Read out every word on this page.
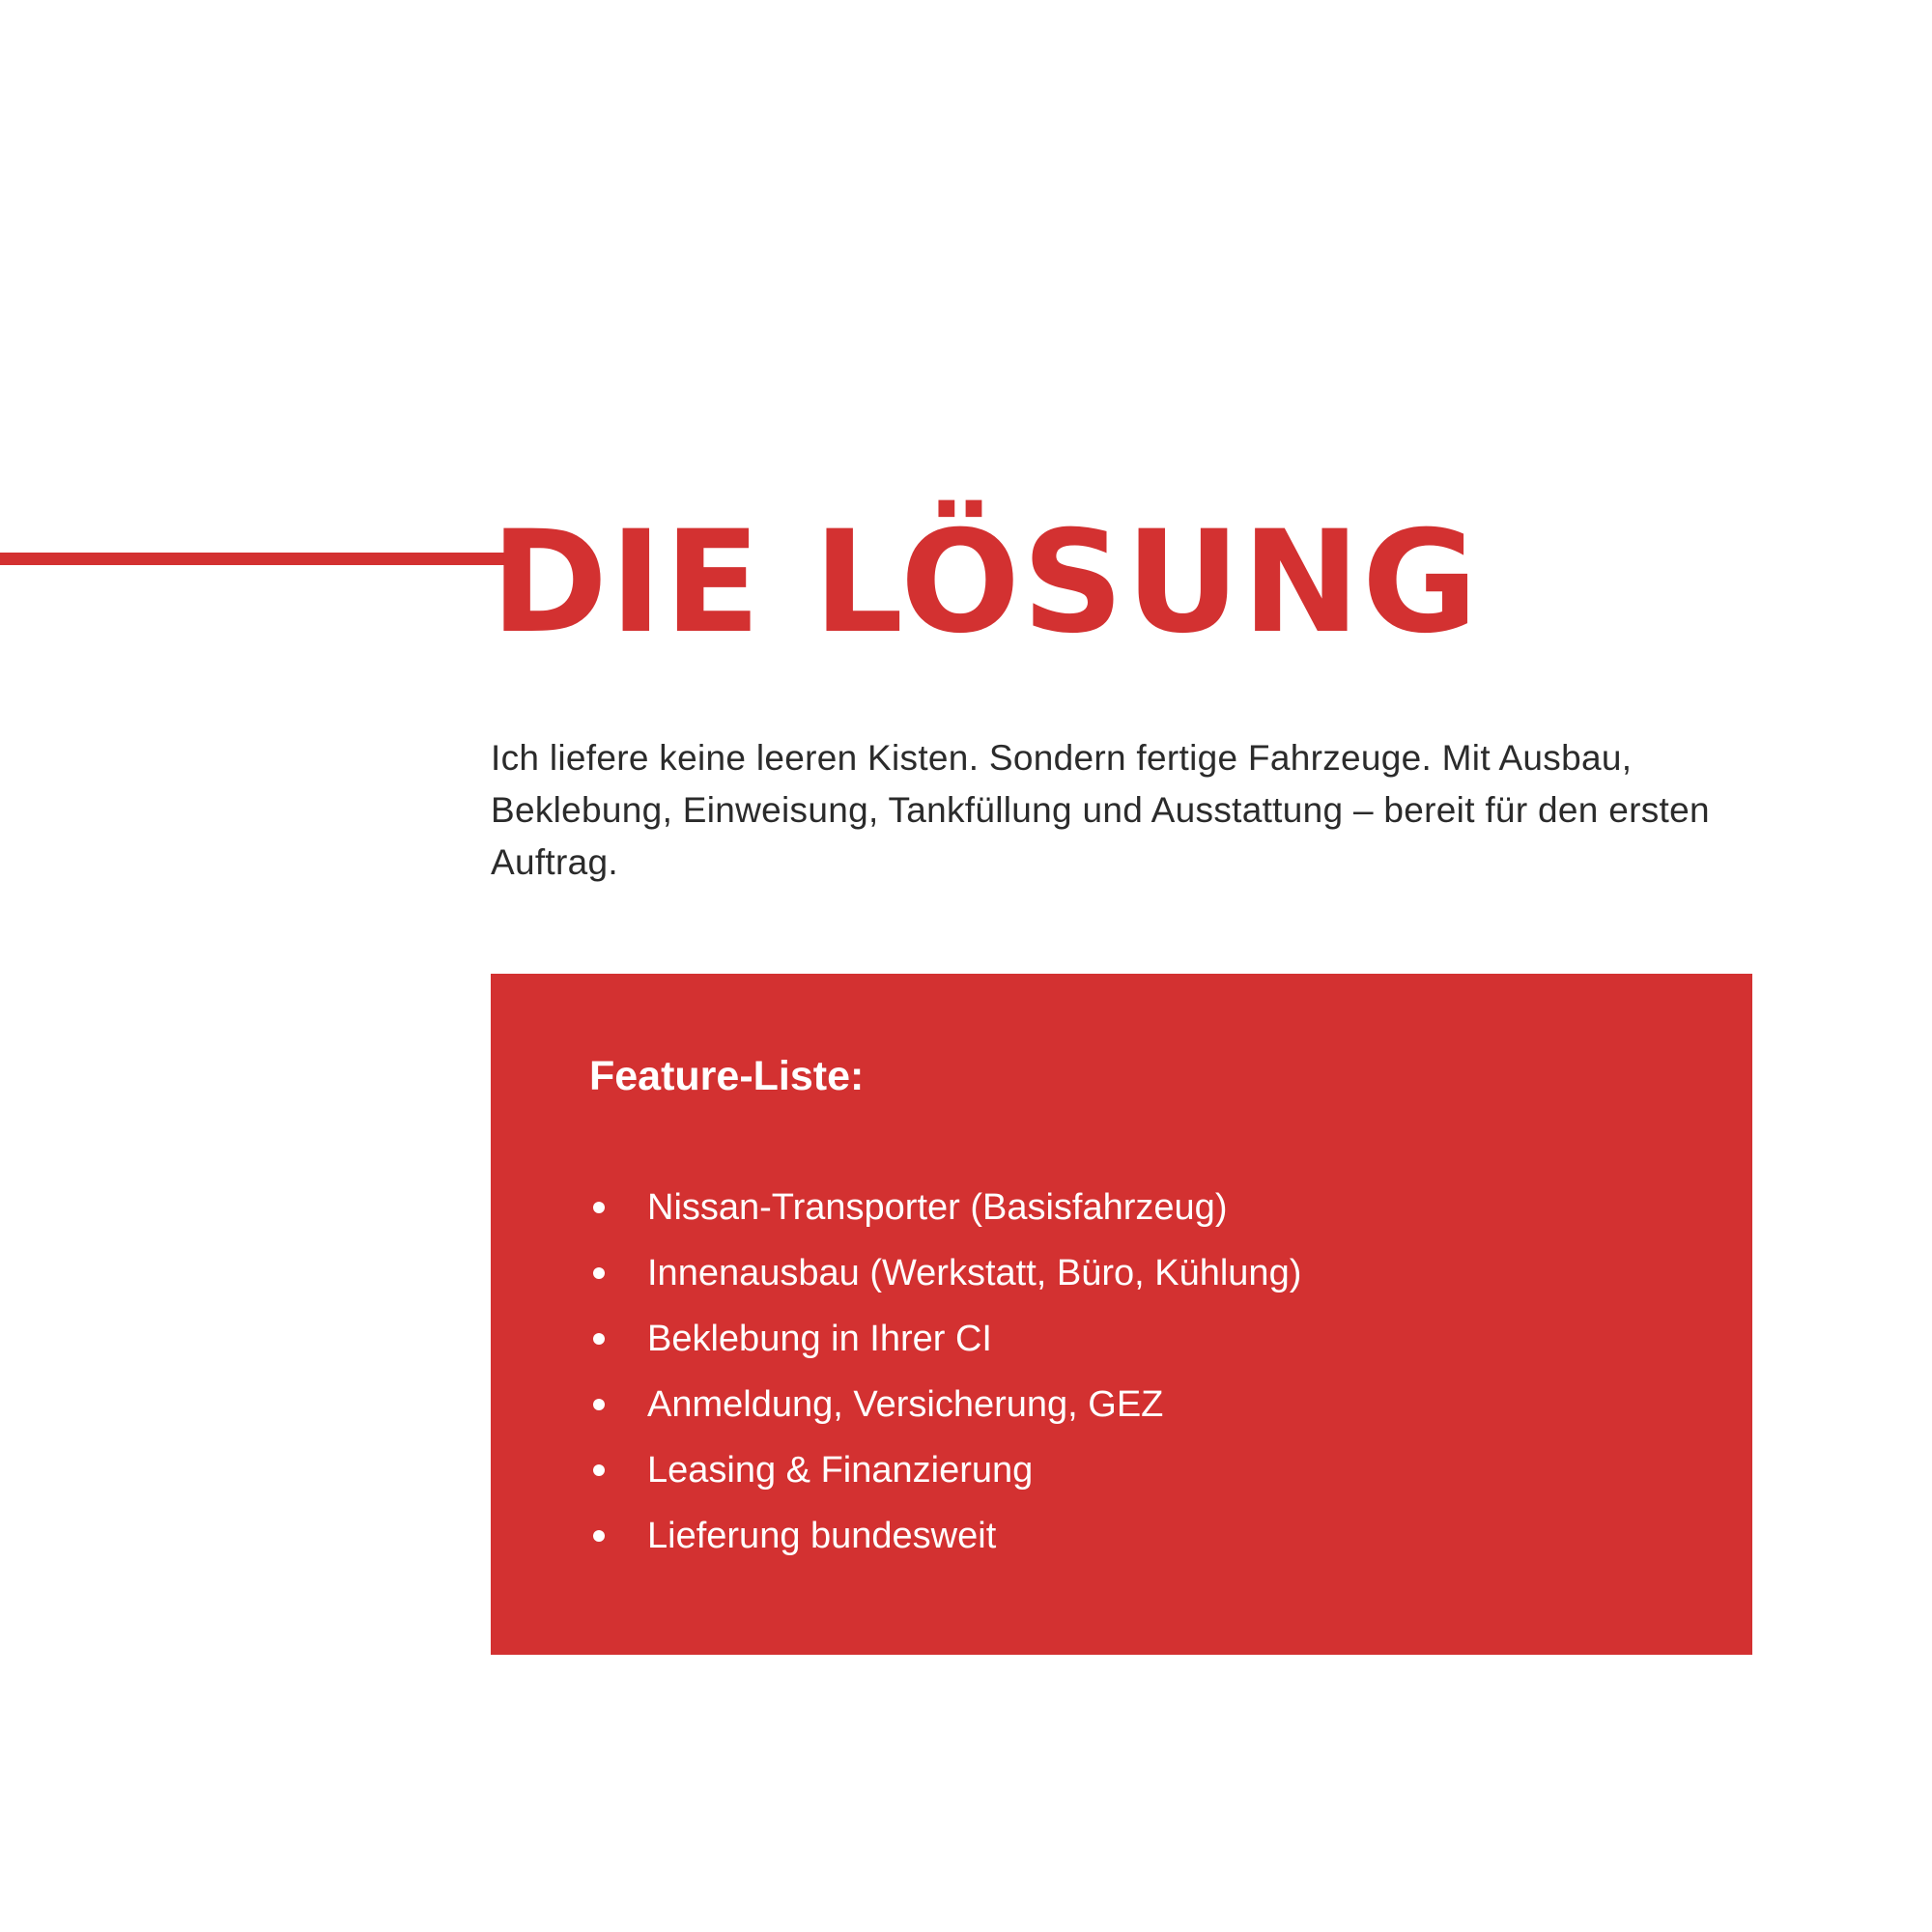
DIE LÖSUNG

Ich liefere keine leeren Kisten. Sondern fertige Fahrzeuge. Mit Ausbau, Beklebung, Einweisung, Tankfüllung und Ausstattung – bereit für den ersten Auftrag.

Feature-Liste:
Nissan-Transporter (Basisfahrzeug)
Innenausbau (Werkstatt, Büro, Kühlung)
Beklebung in Ihrer CI
Anmeldung, Versicherung, GEZ
Leasing & Finanzierung
Lieferung bundesweit
